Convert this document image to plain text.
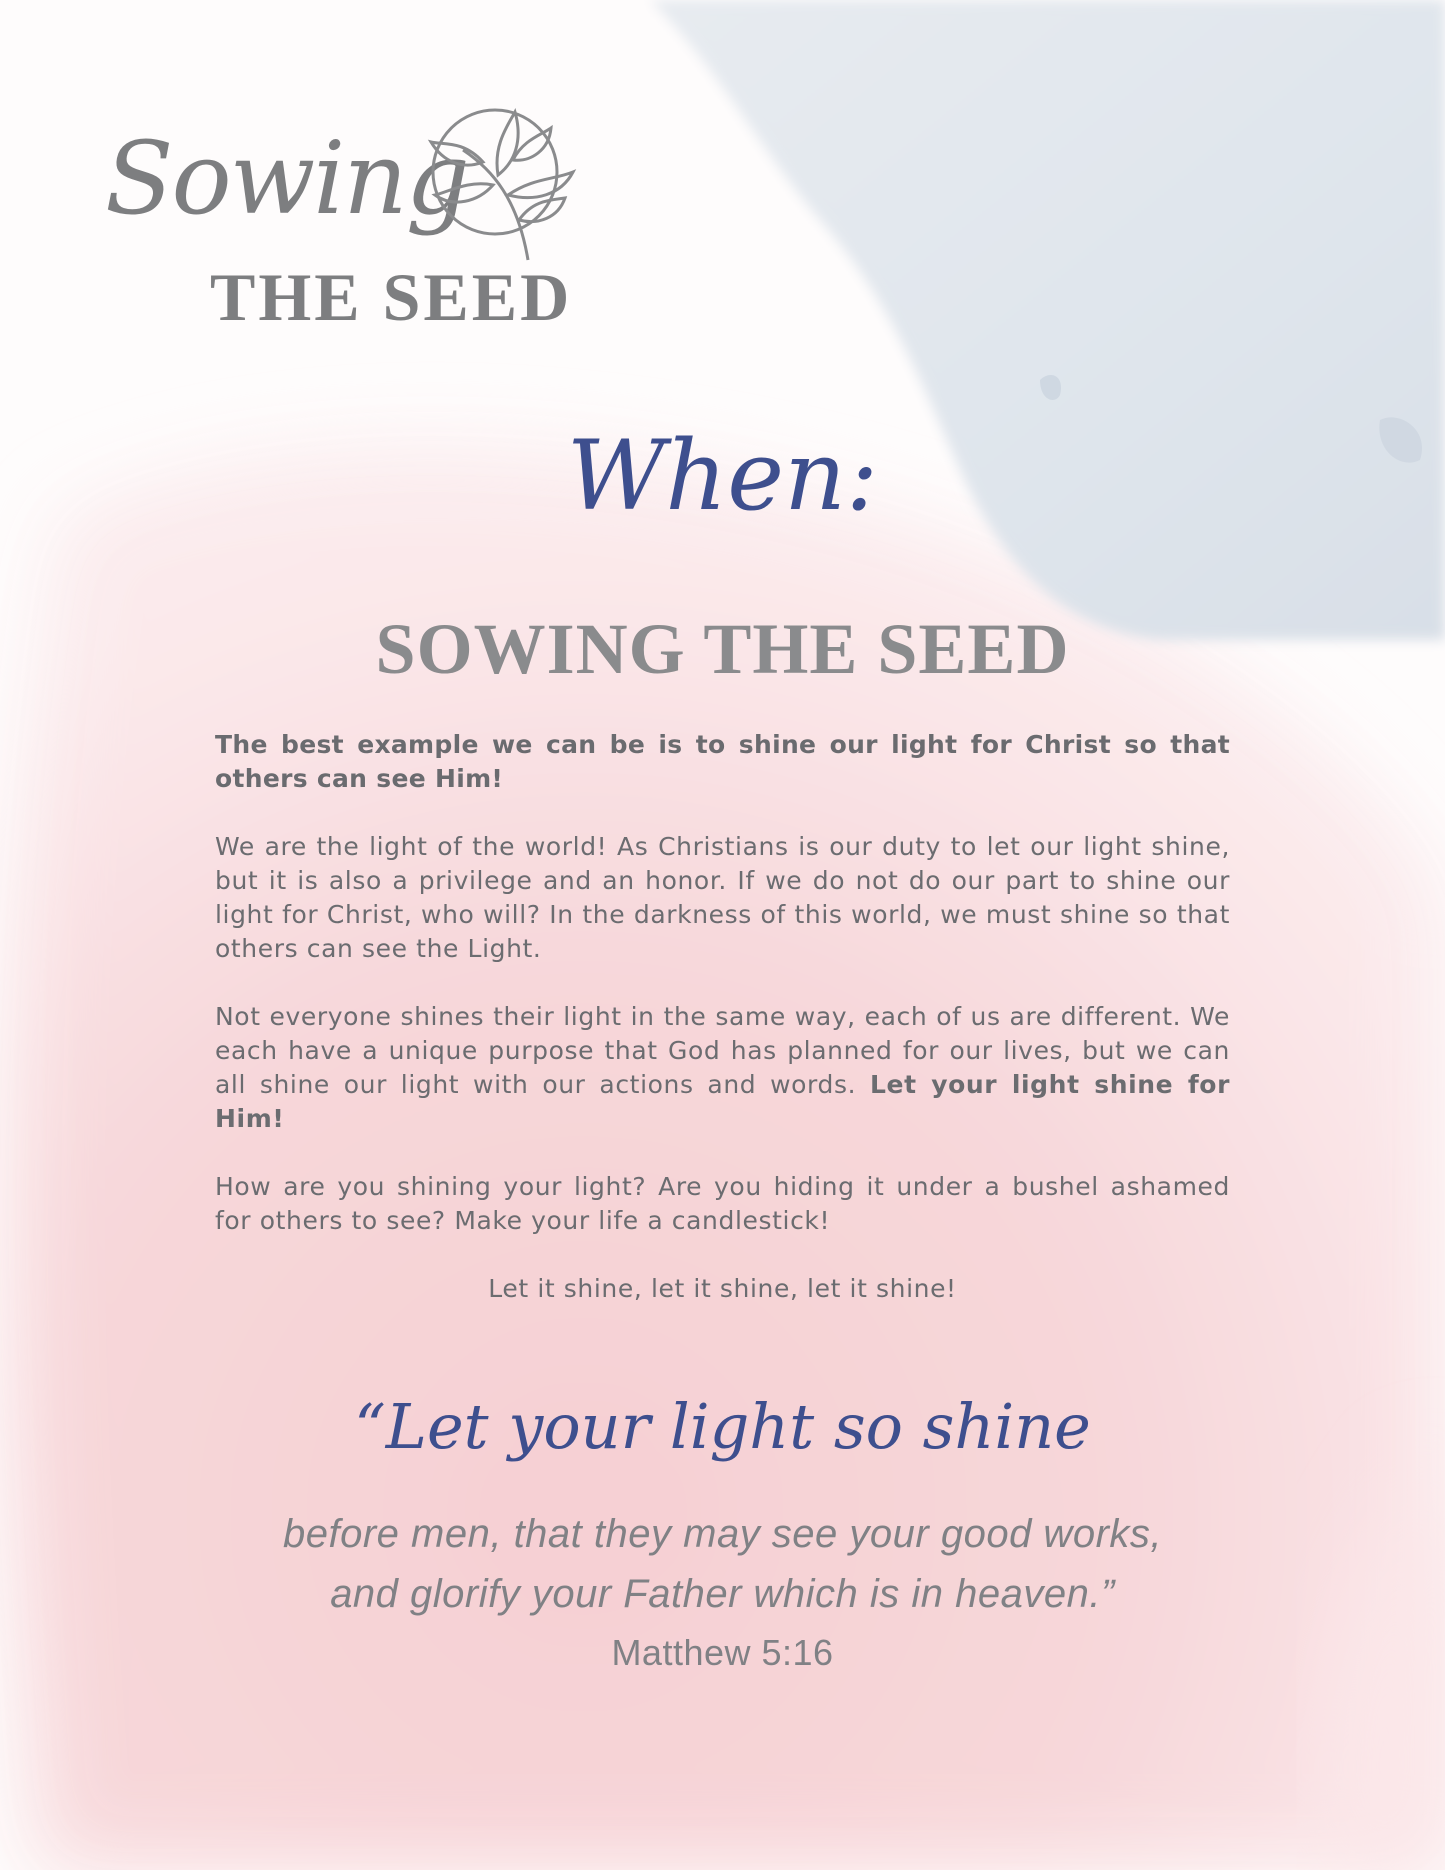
Sowing
THE SEED
When:
SOWING THE SEED

The best example we can be is to shine our light for Christ so that others can see Him!

We are the light of the world! As Christians is our duty to let our light shine, but it is also a privilege and an honor. If we do not do our part to shine our light for Christ, who will? In the darkness of this world, we must shine so that others can see the Light.

Not everyone shines their light in the same way, each of us are different. We each have a unique purpose that God has planned for our lives, but we can all shine our light with our actions and words. Let your light shine for Him!

How are you shining your light? Are you hiding it under a bushel ashamed for others to see? Make your life a candlestick!

Let it shine, let it shine, let it shine!

“Let your light so shine
before men, that they may see your good works,
and glorify your Father which is in heaven.”
Matthew 5:16
